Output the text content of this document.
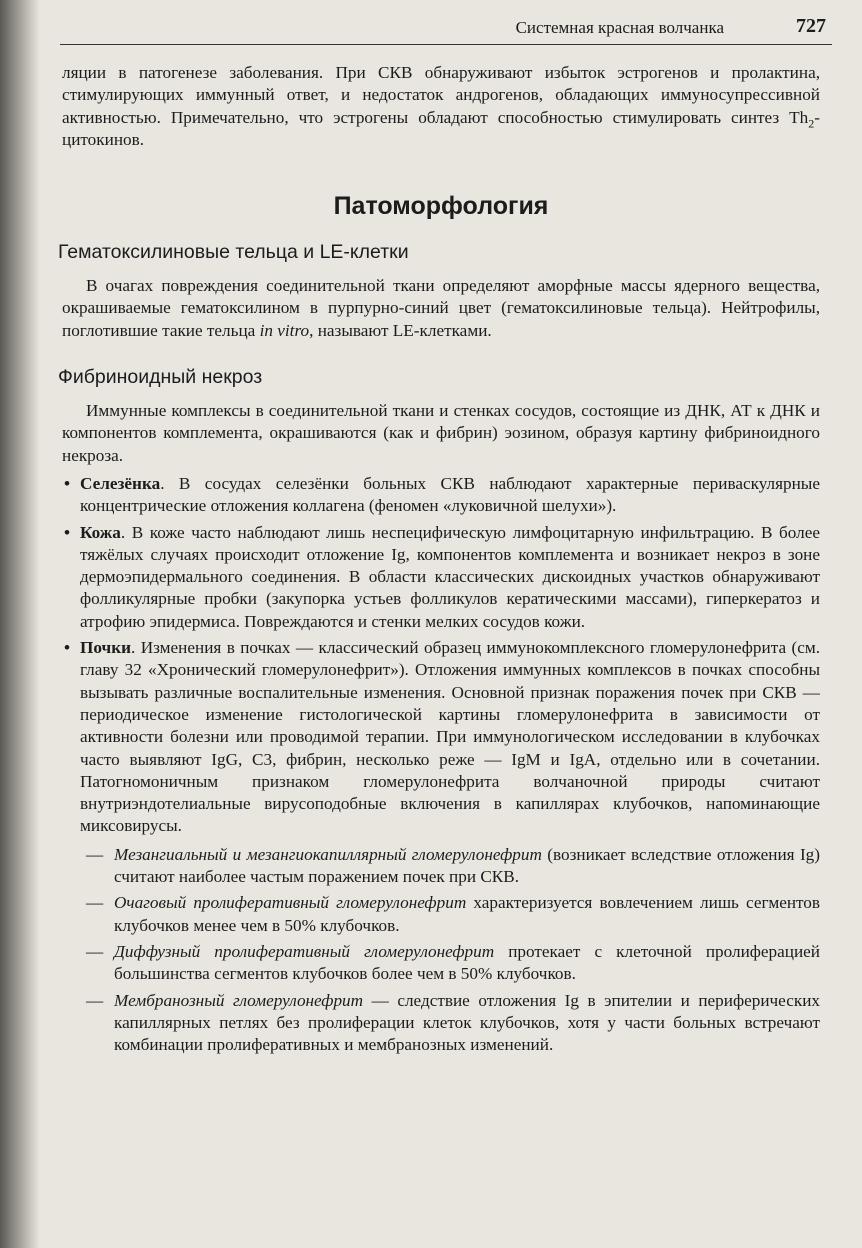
Системная красная волчанка	727

ляции в патогенезе заболевания. При СКВ обнаруживают избыток эстрогенов и пролактина, стимулирующих иммунный ответ, и недостаток андрогенов, обладающих иммуносупрессивной активностью. Примечательно, что эстрогены обладают способностью стимулировать синтез $Th_2$-цитокинов.

Патоморфология
Гематоксилиновые тельца и LE-клетки

В очагах повреждения соединительной ткани определяют аморфные массы ядерного вещества, окрашиваемые гематоксилином в пурпурно-синий цвет (гематоксилиновые тельца). Нейтрофилы, поглотившие такие тельца in vitro, называют LE-клетками.

Фибриноидный некроз

Иммунные комплексы в соединительной ткани и стенках сосудов, состоящие из ДНК, АТ к ДНК и компонентов комплемента, окрашиваются (как и фибрин) эозином, образуя картину фибриноидного некроза.

• Селезёнка. В сосудах селезёнки больных СКВ наблюдают характерные периваскулярные концентрические отложения коллагена (феномен «луковичной шелухи»).

• Кожа. В коже часто наблюдают лишь неспецифическую лимфоцитарную инфильтрацию. В более тяжёлых случаях происходит отложение Ig, компонентов комплемента и возникает некроз в зоне дермоэпидермального соединения. В области классических дискоидных участков обнаруживают фолликулярные пробки (закупорка устьев фолликулов кератическими массами), гиперкератоз и атрофию эпидермиса. Повреждаются и стенки мелких сосудов кожи.

• Почки. Изменения в почках — классический образец иммунокомплексного гломерулонефрита (см. главу 32 «Хронический гломерулонефрит»). Отложения иммунных комплексов в почках способны вызывать различные воспалительные изменения. Основной признак поражения почек при СКВ — периодическое изменение гистологической картины гломерулонефрита в зависимости от активности болезни или проводимой терапии. При иммунологическом исследовании в клубочках часто выявляют IgG, C3, фибрин, несколько реже — IgM и IgA, отдельно или в сочетании. Патогномоничным признаком гломерулонефрита волчаночной природы считают внутриэндотелиальные вирусоподобные включения в капиллярах клубочков, напоминающие миксовирусы.

— Мезангиальный и мезангиокапиллярный гломерулонефрит (возникает вследствие отложения Ig) считают наиболее частым поражением почек при СКВ.

— Очаговый пролиферативный гломерулонефрит характеризуется вовлечением лишь сегментов клубочков менее чем в 50% клубочков.

— Диффузный пролиферативный гломерулонефрит протекает с клеточной пролиферацией большинства сегментов клубочков более чем в 50% клубочков.

— Мембранозный гломерулонефрит — следствие отложения Ig в эпителии и периферических капиллярных петлях без пролиферации клеток клубочков, хотя у части больных встречают комбинации пролиферативных и мембранозных изменений.
